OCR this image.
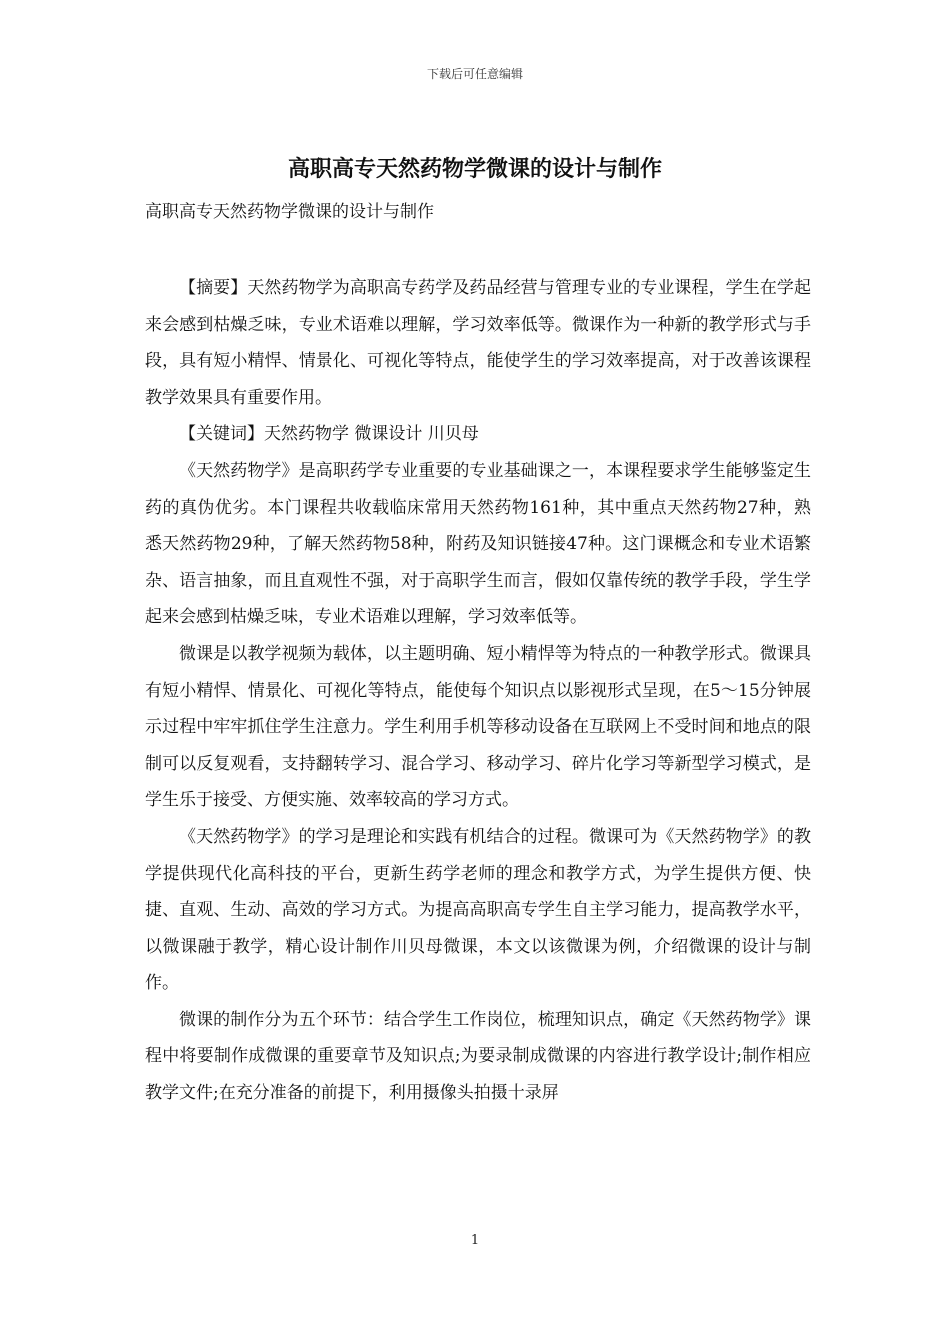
下载后可任意编辑
高职高专天然药物学微课的设计与制作

高职高专天然药物学微课的设计与制作

【摘要】天然药物学为高职高专药学及药品经营与管理专业的专业课程，学生在学起来会感到枯燥乏味，专业术语难以理解，学习效率低等。微课作为一种新的教学形式与手段，具有短小精悍、情景化、可视化等特点，能使学生的学习效率提高，对于改善该课程教学效果具有重要作用。

【关键词】天然药物学 微课设计 川贝母

《天然药物学》是高职药学专业重要的专业基础课之一，本课程要求学生能够鉴定生药的真伪优劣。本门课程共收载临床常用天然药物161种，其中重点天然药物27种，熟悉天然药物29种，了解天然药物58种，附药及知识链接47种。这门课概念和专业术语繁杂、语言抽象，而且直观性不强，对于高职学生而言，假如仅靠传统的教学手段，学生学起来会感到枯燥乏味，专业术语难以理解，学习效率低等。

微课是以教学视频为载体，以主题明确、短小精悍等为特点的一种教学形式。微课具有短小精悍、情景化、可视化等特点，能使每个知识点以影视形式呈现，在5～15分钟展示过程中牢牢抓住学生注意力。学生利用手机等移动设备在互联网上不受时间和地点的限制可以反复观看，支持翻转学习、混合学习、移动学习、碎片化学习等新型学习模式，是学生乐于接受、方便实施、效率较高的学习方式。

《天然药物学》的学习是理论和实践有机结合的过程。微课可为《天然药物学》的教学提供现代化高科技的平台，更新生药学老师的理念和教学方式，为学生提供方便、快捷、直观、生动、高效的学习方式。为提高高职高专学生自主学习能力，提高教学水平，以微课融于教学，精心设计制作川贝母微课，本文以该微课为例，介绍微课的设计与制作。

微课的制作分为五个环节：结合学生工作岗位，梳理知识点，确定《天然药物学》课程中将要制作成微课的重要章节及知识点;为要录制成微课的内容进行教学设计;制作相应教学文件;在充分准备的前提下，利用摄像头拍摄十录屏

1
